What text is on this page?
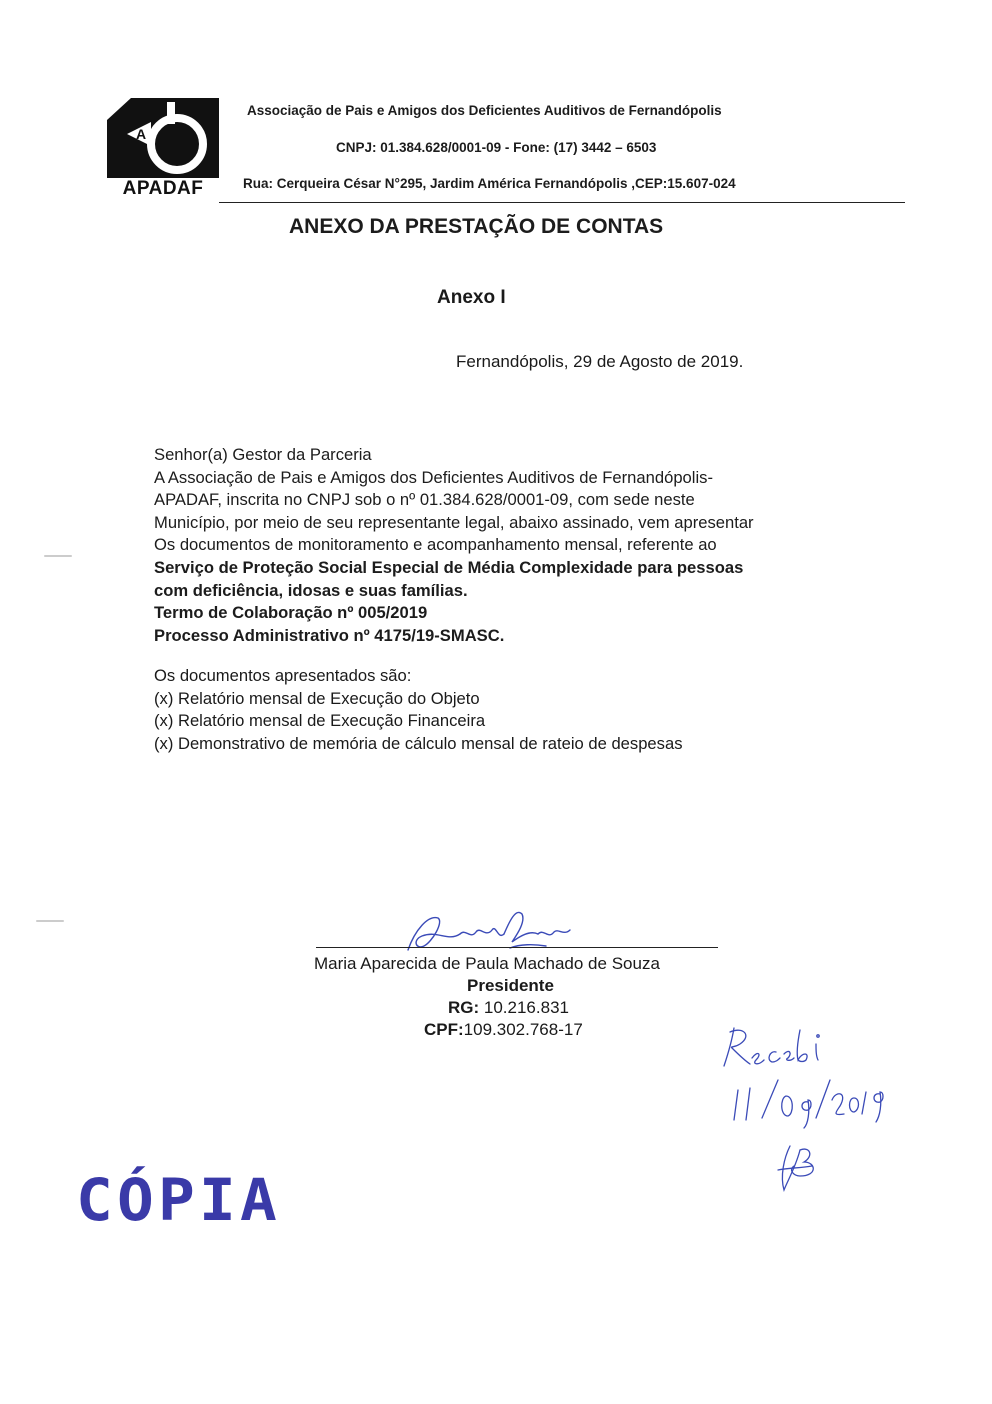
A
APADAF
Associação de Pais e Amigos dos Deficientes Auditivos de Fernandópolis
CNPJ: 01.384.628/0001-09 - Fone: (17) 3442 – 6503
Rua: Cerqueira César N°295, Jardim América Fernandópolis ,CEP:15.607-024
ANEXO DA PRESTAÇÃO DE CONTAS
Anexo I
Fernandópolis, 29 de Agosto de 2019.
Senhor(a) Gestor da Parceria
A Associação de Pais e Amigos dos Deficientes Auditivos de Fernandópolis-
APADAF, inscrita no CNPJ sob o nº 01.384.628/0001-09, com sede neste
Município, por meio de seu representante legal, abaixo assinado, vem apresentar
Os documentos de monitoramento e acompanhamento mensal, referente ao
Serviço de Proteção Social Especial de Média Complexidade para pessoas
com deficiência, idosas e suas famílias.
Termo de Colaboração nº 005/2019
Processo Administrativo nº 4175/19-SMASC.
Os documentos apresentados são:
(x) Relatório mensal de Execução do Objeto
(x) Relatório mensal de Execução Financeira
(x) Demonstrativo de memória de cálculo mensal de rateio de despesas
Maria Aparecida de Paula Machado de Souza
Presidente
RG: 10.216.831
CPF:109.302.768-17
CÓPIA
